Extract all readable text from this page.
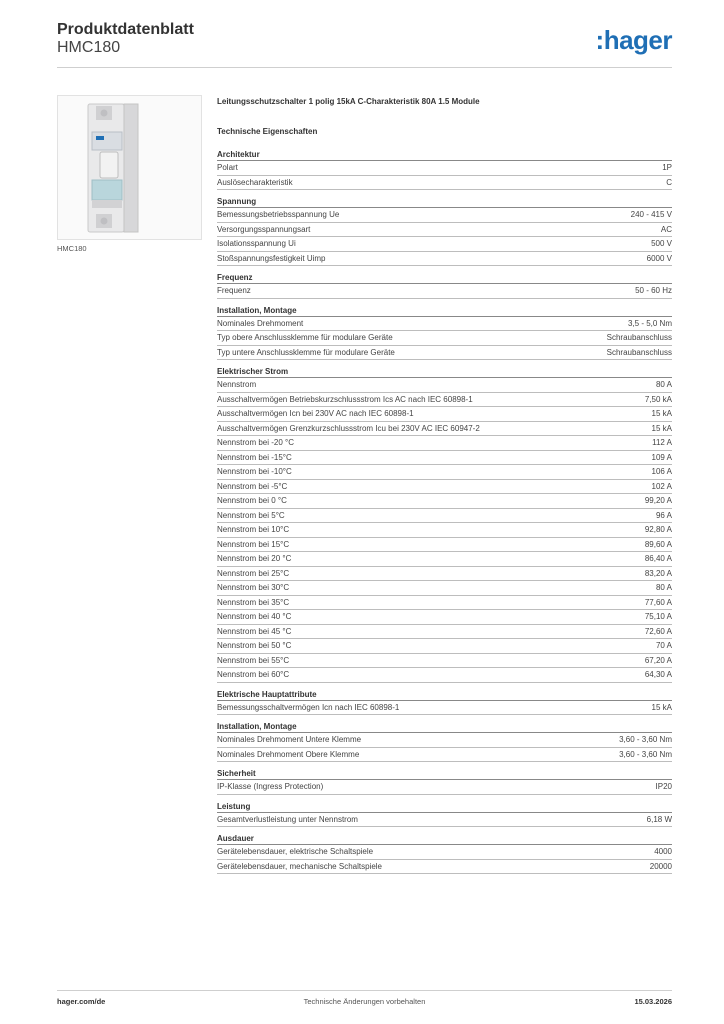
Produktdatenblatt
HMC180	:hager
HMC180
Leitungsschutzschalter 1 polig 15kA C-Charakteristik 80A 1.5 Module
Technische Eigenschaften
Architektur
Polart	1P
Auslösecharakteristik	C
Spannung
Bemessungsbetriebsspannung Ue	240 - 415 V
Versorgungsspannungsart	AC
Isolationsspannung Ui	500 V
Stoßspannungsfestigkeit Uimp	6000 V
Frequenz
Frequenz	50 - 60 Hz
Installation, Montage
Nominales Drehmoment	3,5 - 5,0 Nm
Typ obere Anschlussklemme für modulare Geräte	Schraubanschluss
Typ untere Anschlussklemme für modulare Geräte	Schraubanschluss
Elektrischer Strom
Nennstrom	80 A
Ausschaltvermögen Betriebskurzschlussstrom Ics AC nach IEC 60898-1	7,50 kA
Ausschaltvermögen Icn bei 230V AC nach IEC 60898-1	15 kA
Ausschaltvermögen Grenzkurzschlussstrom Icu bei 230V AC IEC 60947-2	15 kA
Nennstrom bei -20 °C	112 A
Nennstrom bei -15°C	109 A
Nennstrom bei -10°C	106 A
Nennstrom bei -5°C	102 A
Nennstrom bei 0 °C	99,20 A
Nennstrom bei 5°C	96 A
Nennstrom bei 10°C	92,80 A
Nennstrom bei 15°C	89,60 A
Nennstrom bei 20 °C	86,40 A
Nennstrom bei 25°C	83,20 A
Nennstrom bei 30°C	80 A
Nennstrom bei 35°C	77,60 A
Nennstrom bei 40 °C	75,10 A
Nennstrom bei 45 °C	72,60 A
Nennstrom bei 50 °C	70 A
Nennstrom bei 55°C	67,20 A
Nennstrom bei 60°C	64,30 A
Elektrische Hauptattribute
Bemessungsschaltvermögen Icn nach IEC 60898-1	15 kA
Installation, Montage
Nominales Drehmoment Untere Klemme	3,60 - 3,60 Nm
Nominales Drehmoment Obere Klemme	3,60 - 3,60 Nm
Sicherheit
IP-Klasse (Ingress Protection)	IP20
Leistung
Gesamtverlustleistung unter Nennstrom	6,18 W
Ausdauer
Gerätelebensdauer, elektrische Schaltspiele	4000
Gerätelebensdauer, mechanische Schaltspiele	20000
hager.com/de	Technische Änderungen vorbehalten	15.03.2026
